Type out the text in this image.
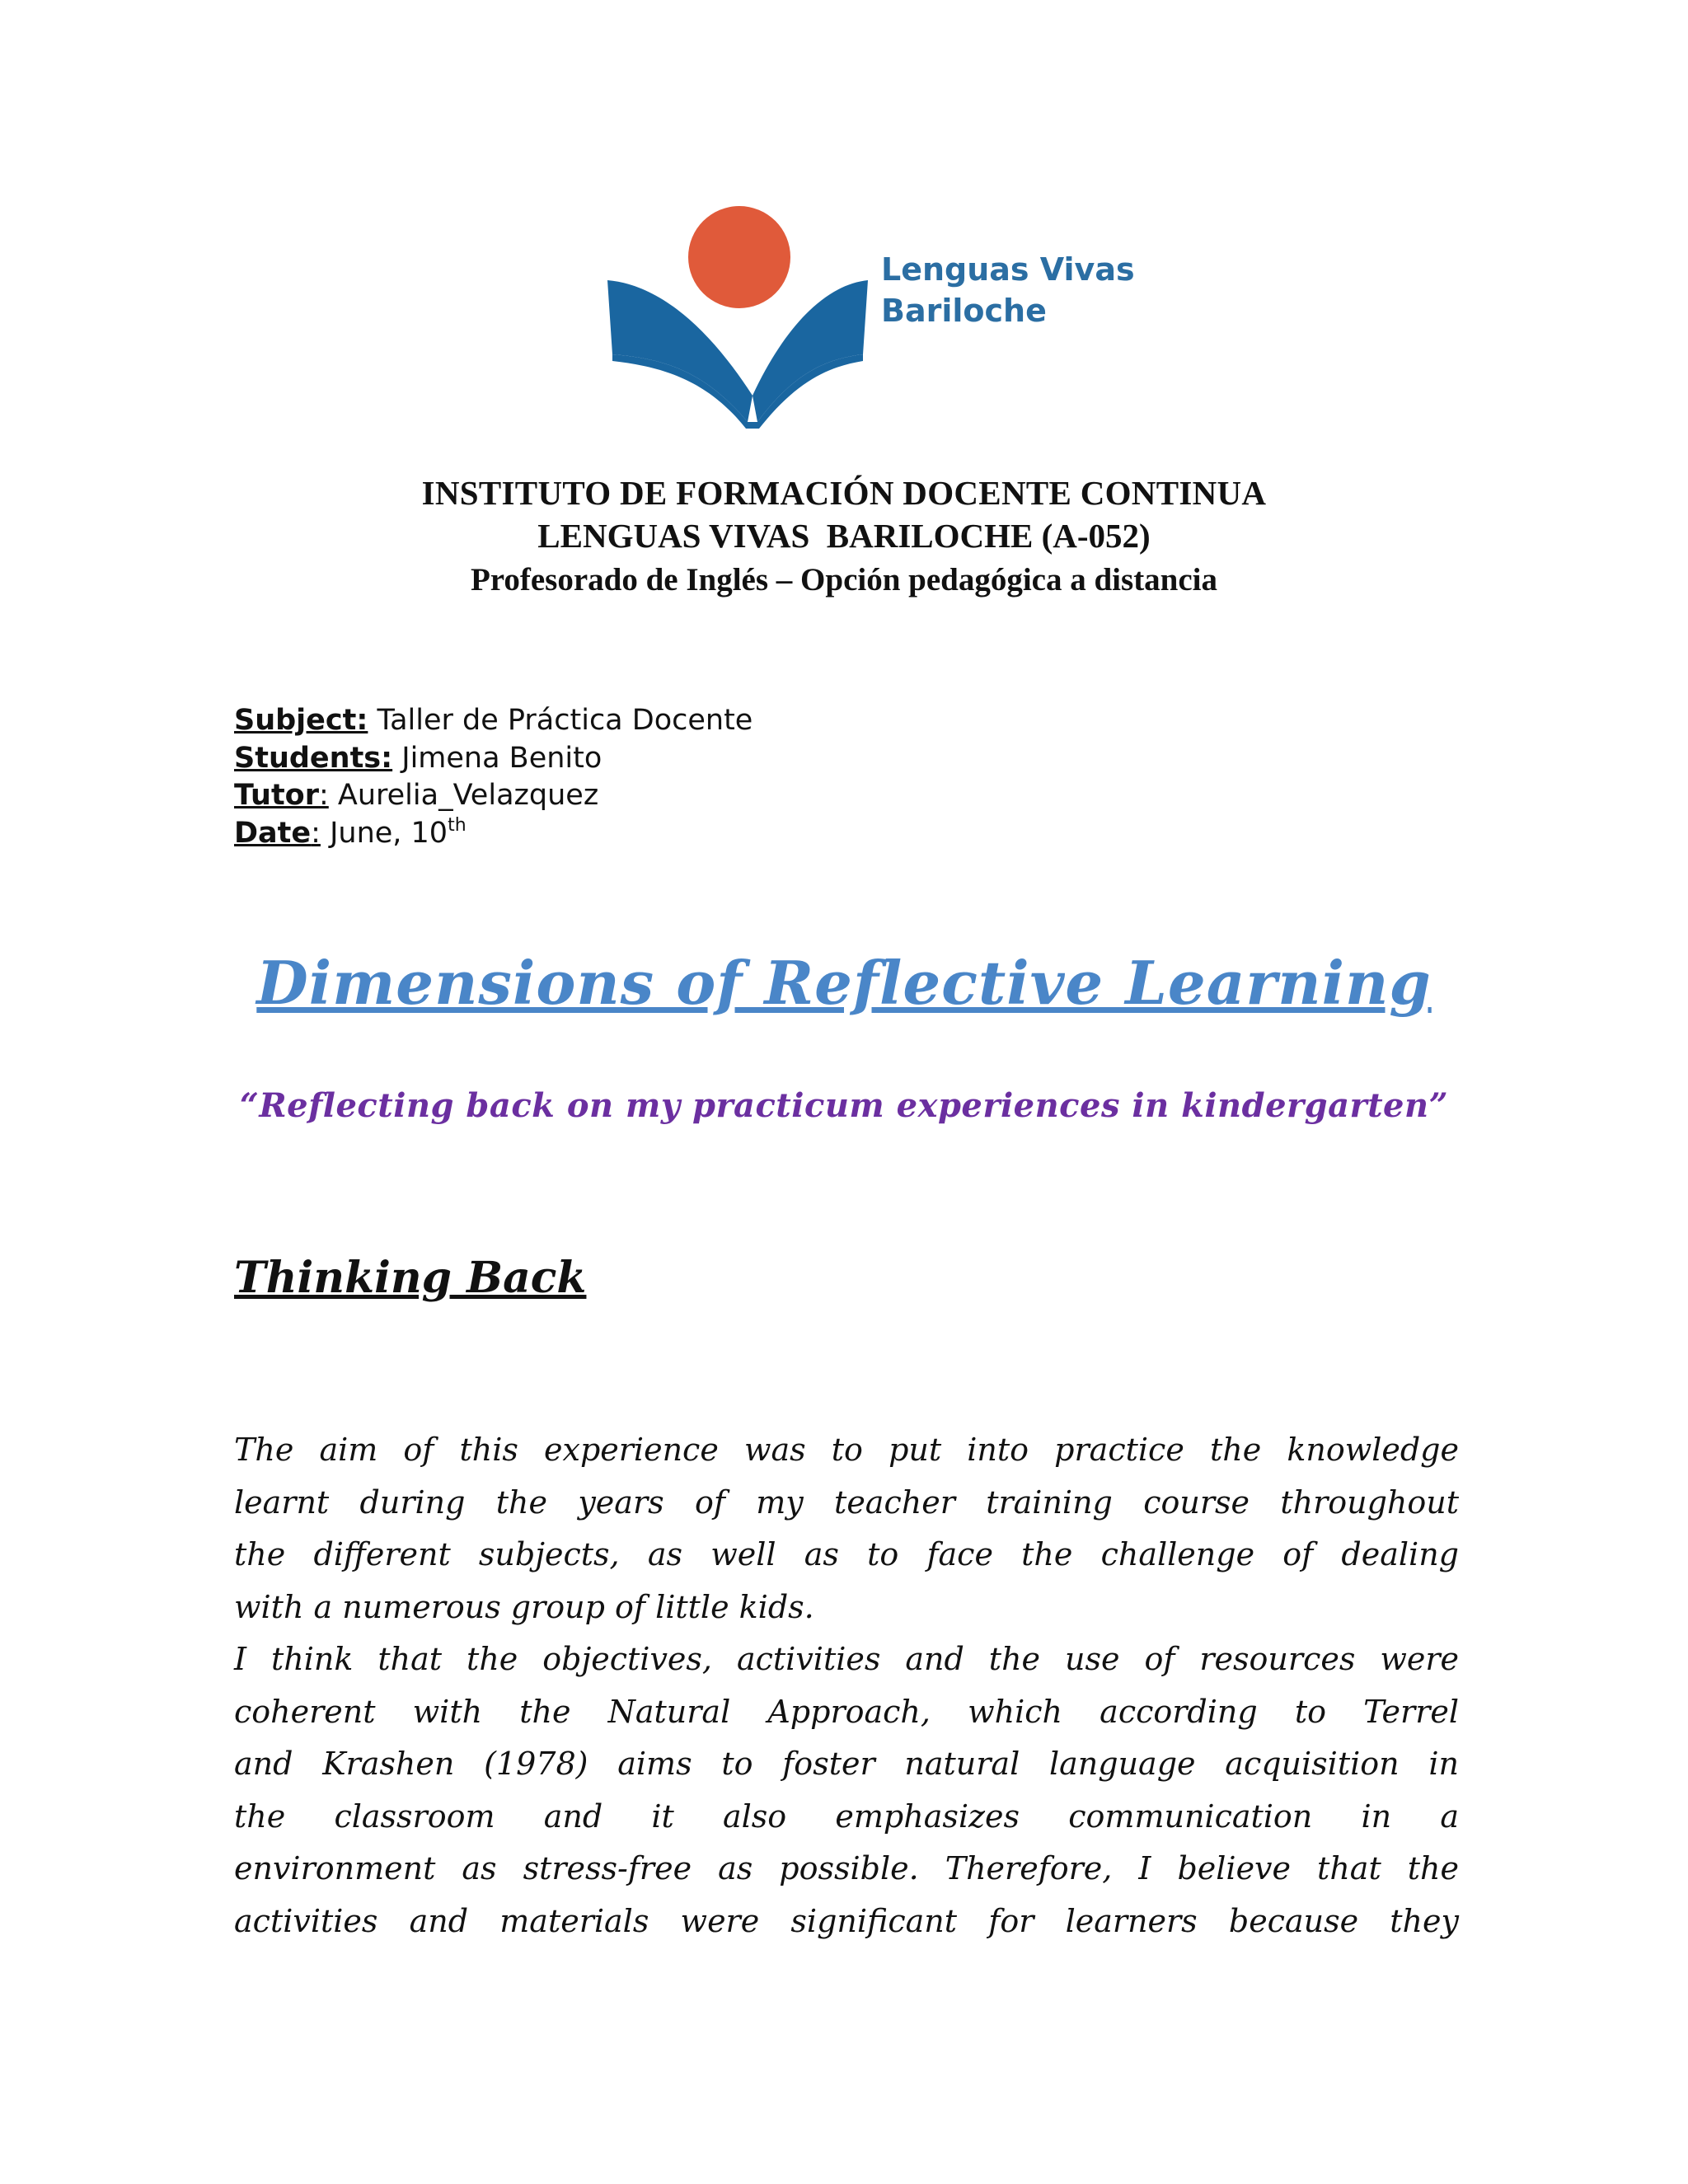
Lenguas Vivas
Bariloche
INSTITUTO DE FORMACIÓN DOCENTE CONTINUA
LENGUAS VIVAS  BARILOCHE (A-052)
Profesorado de Inglés – Opción pedagógica a distancia
Subject: Taller de Práctica Docente
Students: Jimena Benito
Tutor: Aurelia_Velazquez
Date: June, 10th
Dimensions of Reflective Learning
“Reflecting back on my practicum experiences in kindergarten”
Thinking Back
The aim of this experience was to put into practice the knowledge
learnt during the years of my teacher training course throughout
the different subjects, as well as to face the challenge of dealing
with a numerous group of little kids.
I think that the objectives, activities and the use of resources were
coherent with the Natural Approach, which according to Terrel
and Krashen (1978) aims to foster natural language acquisition in
the classroom and it also emphasizes communication in a
environment as stress-free as possible. Therefore, I believe that the
activities and materials were significant for learners because they
